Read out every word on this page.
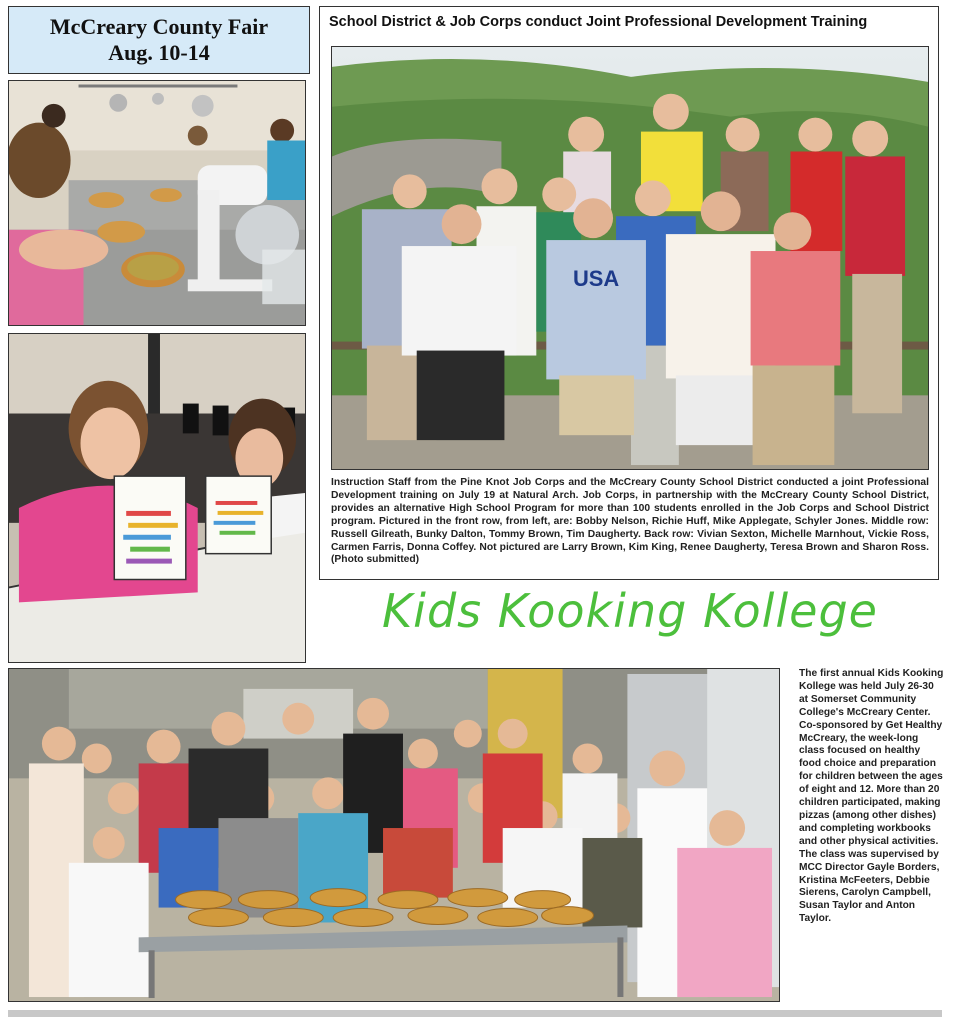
McCreary County Fair
Aug. 10-14
School District & Job Corps conduct Joint Professional Development Training
USA
Instruction Staff from the Pine Knot Job Corps and the McCreary County School District conducted a joint Professional Development training on July 19 at Natural Arch. Job Corps, in partnership with the McCreary County School District, provides an alternative High School Program for more than 100 students enrolled in the Job Corps and School District program. Pictured in the front row, from left, are: Bobby Nelson, Richie Huff, Mike Applegate, Schyler Jones. Middle row: Russell Gilreath, Bunky Dalton, Tommy Brown, Tim Daugherty. Back row: Vivian Sexton, Michelle Marnhout, Vickie Ross, Carmen Farris, Donna Coffey. Not pictured are Larry Brown, Kim King, Renee Daugherty, Teresa Brown and Sharon Ross. (Photo submitted)
Kids Kooking Kollege
The first annual Kids Kooking Kollege was held July 26-30 at Somerset Community College's McCreary Center. Co-sponsored by Get Healthy McCreary, the week-long class focused on healthy food choice and preparation for children between the ages of eight and 12. More than 20 children participated, making pizzas (among other dishes) and completing workbooks and other physical activities. The class was supervised by MCC Director Gayle Borders, Kristina McFeeters, Debbie Sierens, Carolyn Campbell, Susan Taylor and Anton Taylor.
